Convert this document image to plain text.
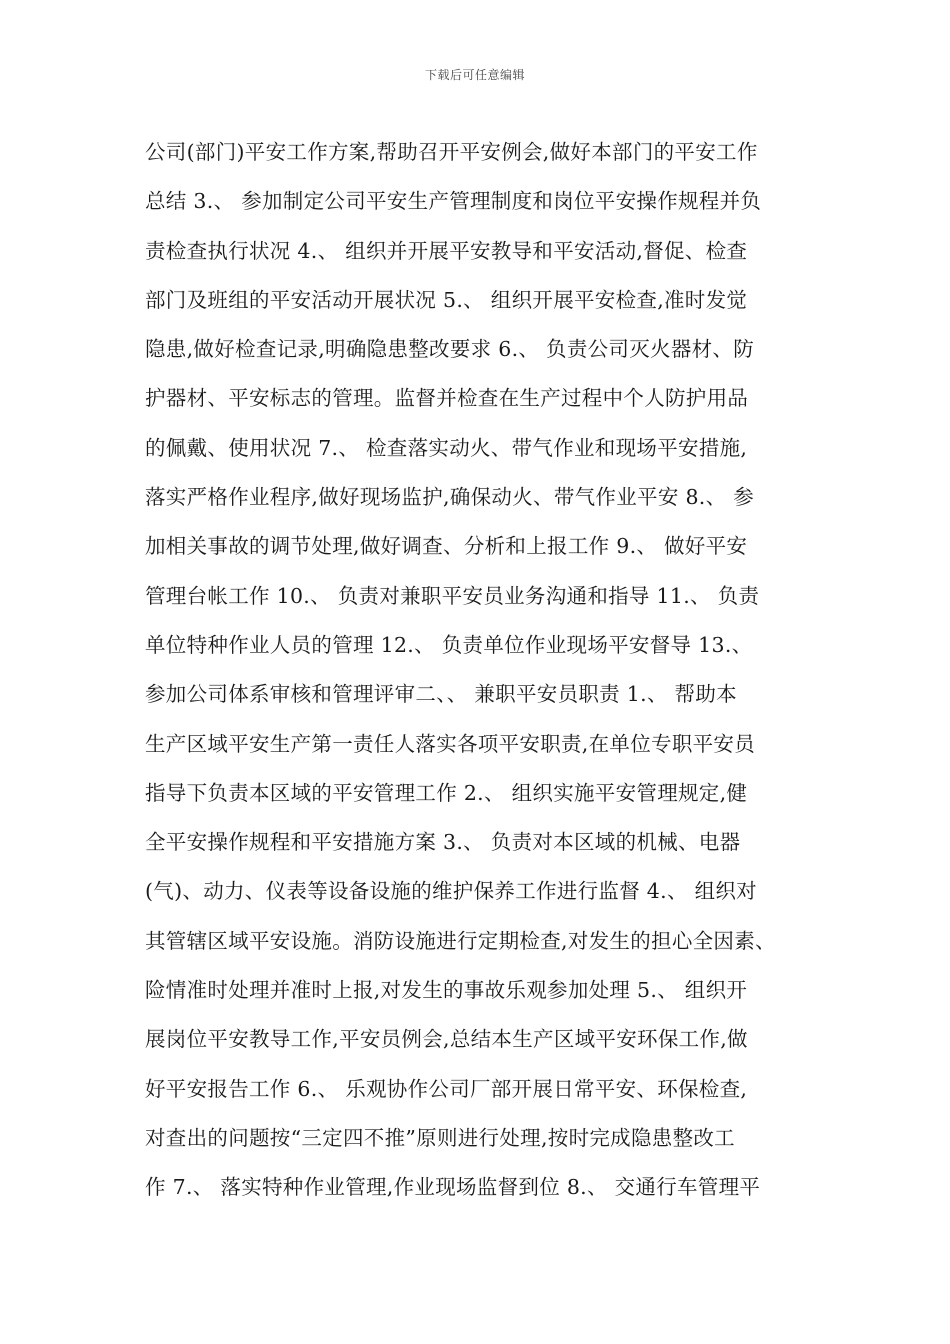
下载后可任意编辑
公司(部门)平安工作方案,帮助召开平安例会,做好本部门的平安工作
总结 3.、 参加制定公司平安生产管理制度和岗位平安操作规程并负
责检查执行状况 4.、 组织并开展平安教导和平安活动,督促、检查
部门及班组的平安活动开展状况 5.、 组织开展平安检查,准时发觉
隐患,做好检查记录,明确隐患整改要求 6.、 负责公司灭火器材、防
护器材、平安标志的管理。监督并检查在生产过程中个人防护用品
的佩戴、使用状况 7.、 检查落实动火、带气作业和现场平安措施,
落实严格作业程序,做好现场监护,确保动火、带气作业平安 8.、 参
加相关事故的调节处理,做好调查、分析和上报工作 9.、 做好平安
管理台帐工作 10.、 负责对兼职平安员业务沟通和指导 11.、 负责
单位特种作业人员的管理 12.、 负责单位作业现场平安督导 13.、
参加公司体系审核和管理评审二、、 兼职平安员职责 1.、 帮助本
生产区域平安生产第一责任人落实各项平安职责,在单位专职平安员
指导下负责本区域的平安管理工作 2.、 组织实施平安管理规定,健
全平安操作规程和平安措施方案 3.、 负责对本区域的机械、电器
(气)、动力、仪表等设备设施的维护保养工作进行监督 4.、 组织对
其管辖区域平安设施。消防设施进行定期检查,对发生的担心全因素、
险情准时处理并准时上报,对发生的事故乐观参加处理 5.、 组织开
展岗位平安教导工作,平安员例会,总结本生产区域平安环保工作,做
好平安报告工作 6.、 乐观协作公司厂部开展日常平安、环保检查,
对查出的问题按“三定四不推”原则进行处理,按时完成隐患整改工
作 7.、 落实特种作业管理,作业现场监督到位 8.、 交通行车管理平
